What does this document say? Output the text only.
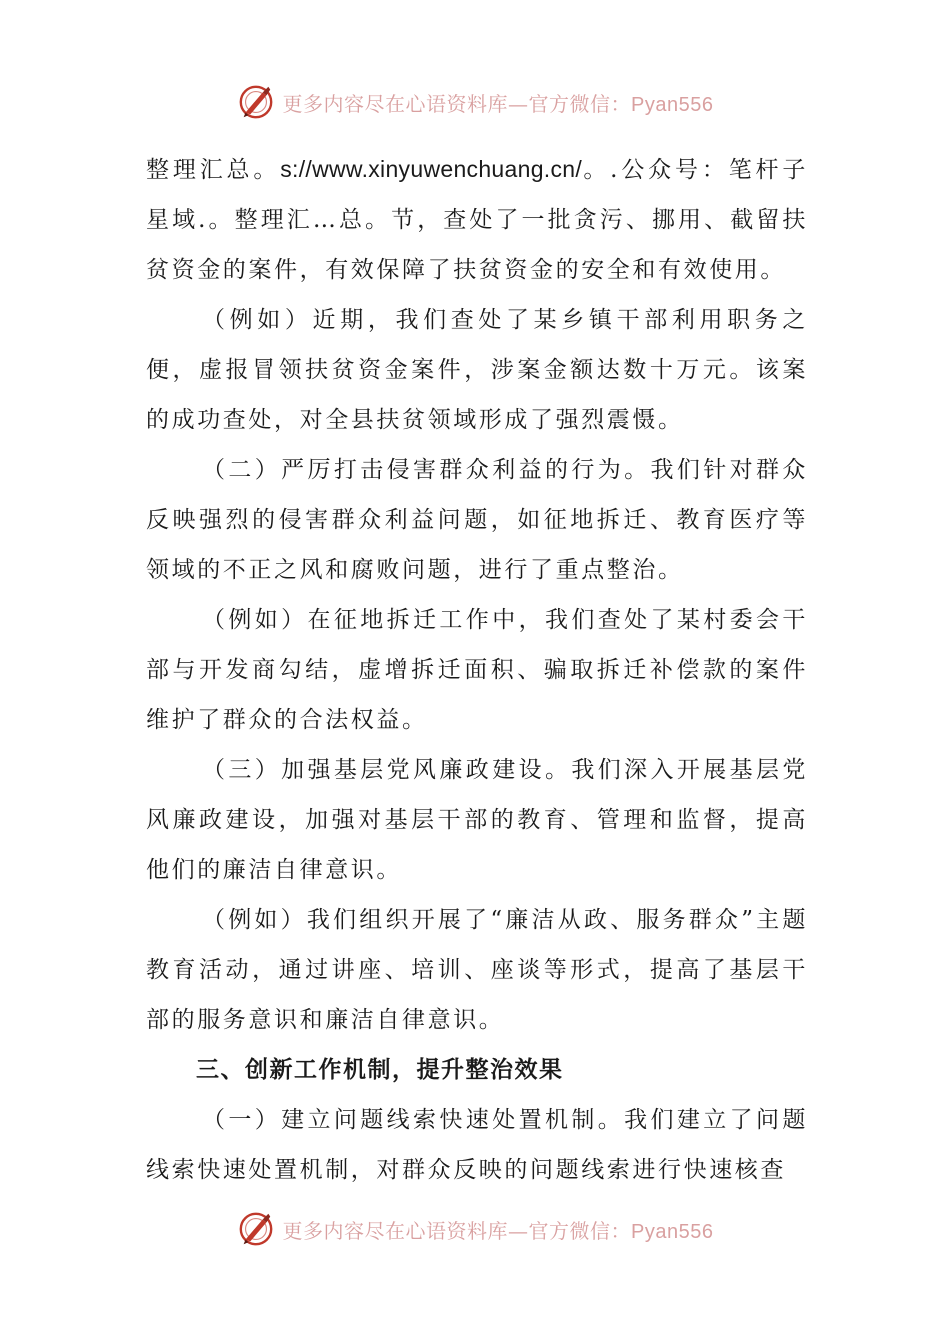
更多内容尽在心语资料库—官方微信：Pyan556

整理汇总。s://www.xinyuwenchuang.cn/。.公众号：笔杆子星域.。整理汇…总。节，查处了一批贪污、挪用、截留扶贫资金的案件，有效保障了扶贫资金的安全和有效使用。

（例如）近期，我们查处了某乡镇干部利用职务之便，虚报冒领扶贫资金案件，涉案金额达数十万元。该案的成功查处，对全县扶贫领域形成了强烈震慑。

（二）严厉打击侵害群众利益的行为。我们针对群众反映强烈的侵害群众利益问题，如征地拆迁、教育医疗等领域的不正之风和腐败问题，进行了重点整治。

（例如）在征地拆迁工作中，我们查处了某村委会干部与开发商勾结，虚增拆迁面积、骗取拆迁补偿款的案件维护了群众的合法权益。

（三）加强基层党风廉政建设。我们深入开展基层党风廉政建设，加强对基层干部的教育、管理和监督，提高他们的廉洁自律意识。

（例如）我们组织开展了“廉洁从政、服务群众”主题教育活动，通过讲座、培训、座谈等形式，提高了基层干部的服务意识和廉洁自律意识。

三、创新工作机制，提升整治效果

（一）建立问题线索快速处置机制。我们建立了问题线索快速处置机制，对群众反映的问题线索进行快速核查

更多内容尽在心语资料库—官方微信：Pyan556
